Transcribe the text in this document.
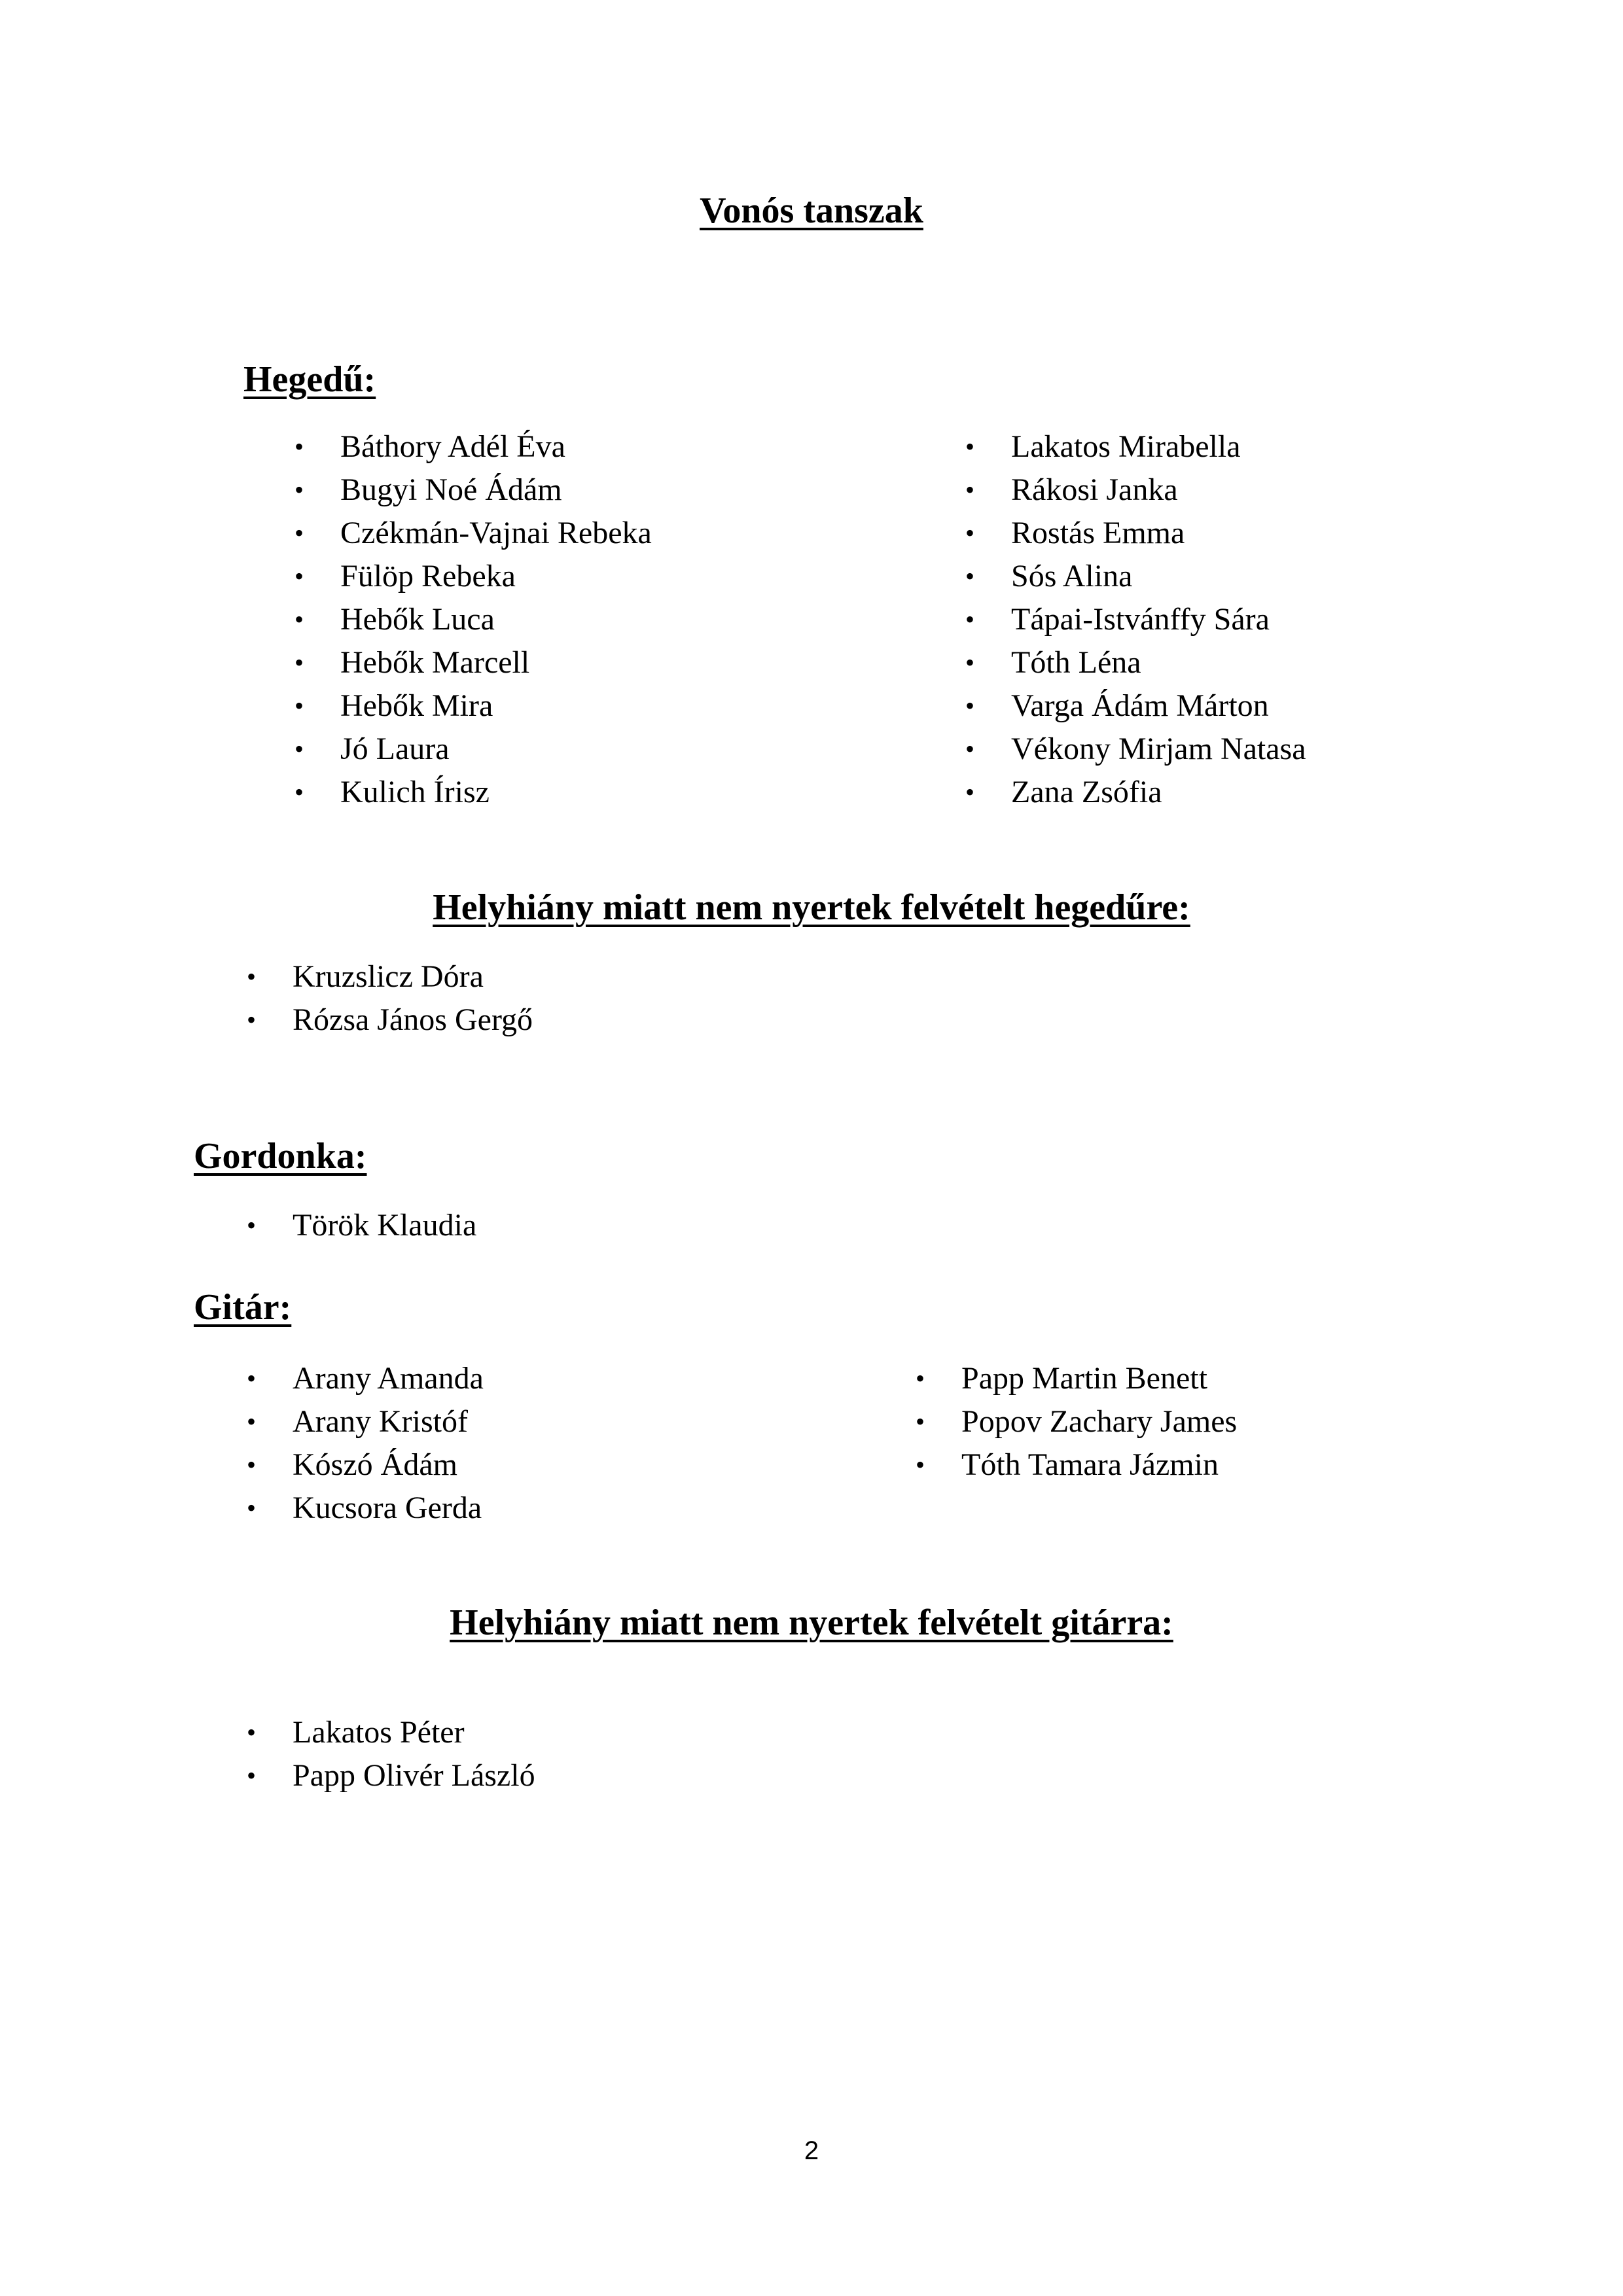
Vonós tanszak
Hegedű:
• Báthory Adél Éva
• Bugyi Noé Ádám
• Czékmán-Vajnai Rebeka
• Fülöp Rebeka
• Hebők Luca
• Hebők Marcell
• Hebők Mira
• Jó Laura
• Kulich Írisz
• Lakatos Mirabella
• Rákosi Janka
• Rostás Emma
• Sós Alina
• Tápai-Istvánffy Sára
• Tóth Léna
• Varga Ádám Márton
• Vékony Mirjam Natasa
• Zana Zsófia
Helyhiány miatt nem nyertek felvételt hegedűre:
• Kruzslicz Dóra
• Rózsa János Gergő
Gordonka:
• Török Klaudia
Gitár:
• Arany Amanda
• Arany Kristóf
• Kószó Ádám
• Kucsora Gerda
• Papp Martin Benett
• Popov Zachary James
• Tóth Tamara Jázmin
Helyhiány miatt nem nyertek felvételt gitárra:
• Lakatos Péter
• Papp Olivér László
2
